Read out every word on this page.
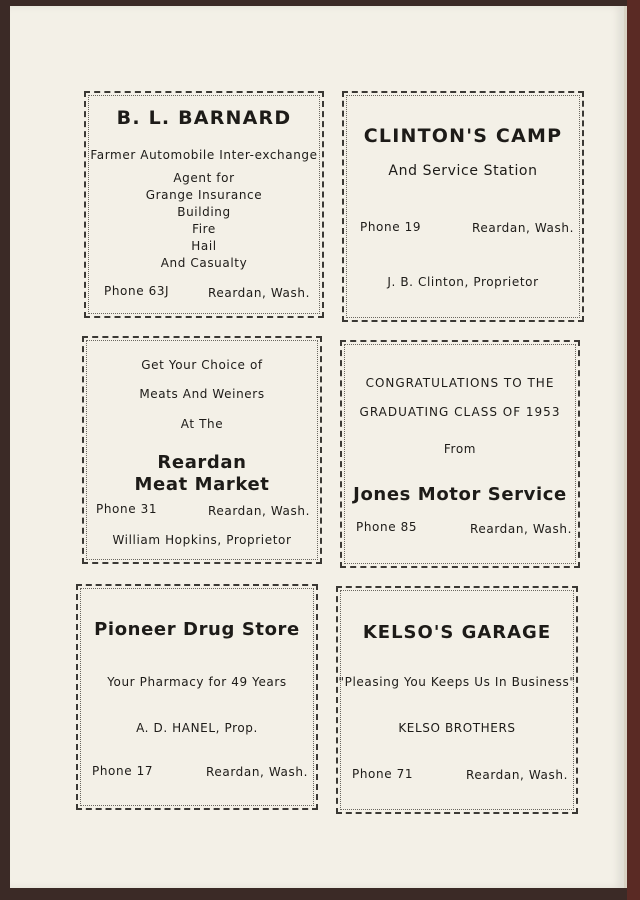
B. L. BARNARD
Farmer Automobile Inter-exchange
Agent for
Grange Insurance
Building
Fire
Hail
And Casualty
Phone 63J	Reardan, Wash.
CLINTON'S CAMP
And Service Station
Phone 19	Reardan, Wash.
J. B. Clinton, Proprietor
Get Your Choice of
Meats And Weiners
At The
Reardan
Meat Market
Phone 31	Reardan, Wash.
William Hopkins, Proprietor
CONGRATULATIONS TO THE
GRADUATING CLASS OF 1953
From
Jones Motor Service
Phone 85	Reardan, Wash.
Pioneer Drug Store
Your Pharmacy for 49 Years
A. D. HANEL, Prop.
Phone 17	Reardan, Wash.
KELSO'S GARAGE
"Pleasing You Keeps Us In Business"
KELSO BROTHERS
Phone 71	Reardan, Wash.
